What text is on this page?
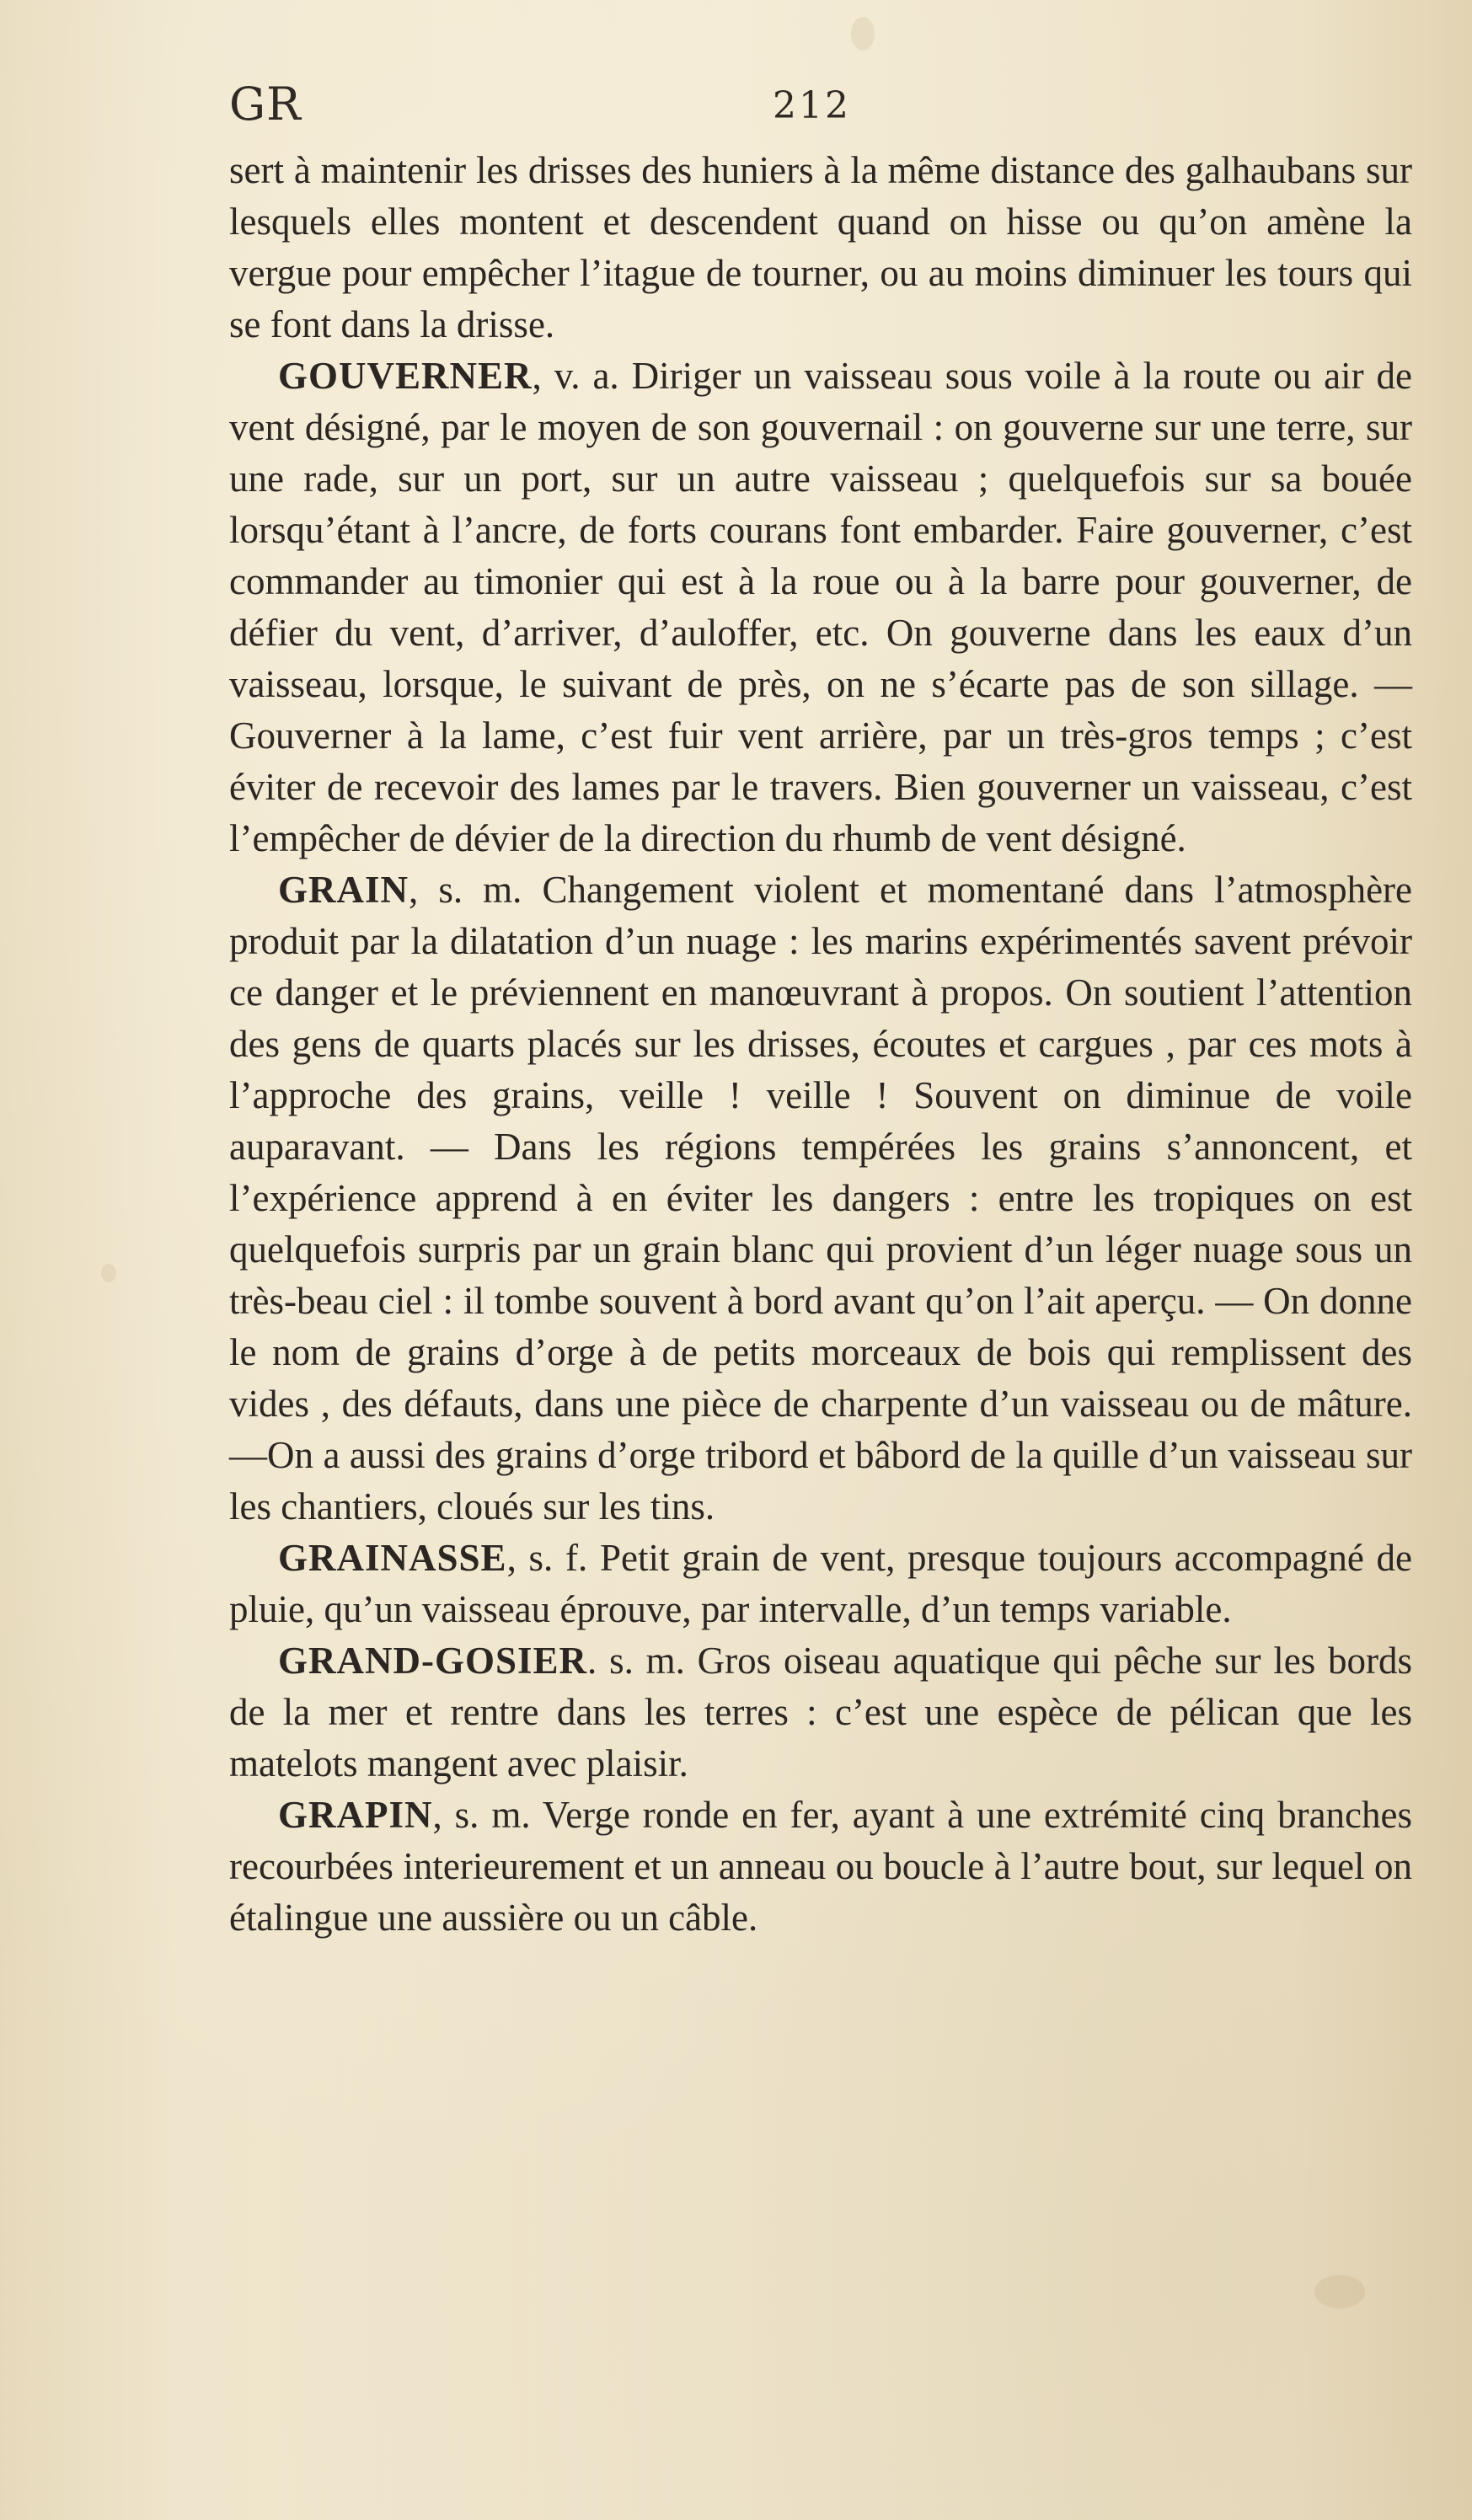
GR	212

sert à maintenir les drisses des huniers à la même distance des galhaubans sur lesquels elles montent et descendent quand on hisse ou qu’on amène la vergue pour empêcher l’itague de tourner, ou au moins diminuer les tours qui se font dans la drisse.

GOUVERNER, v. a. Diriger un vaisseau sous voile à la route ou air de vent désigné, par le moyen de son gouvernail : on gouverne sur une terre, sur une rade, sur un port, sur un autre vaisseau ; quelquefois sur sa bouée lorsqu’étant à l’ancre, de forts courans font embarder. Faire gouverner, c’est commander au timonier qui est à la roue ou à la barre pour gouverner, de défier du vent, d’arriver, d’auloffer, etc. On gouverne dans les eaux d’un vaisseau, lorsque, le suivant de près, on ne s’écarte pas de son sillage. — Gouverner à la lame, c’est fuir vent arrière, par un très-gros temps ; c’est éviter de recevoir des lames par le travers. Bien gouverner un vaisseau, c’est l’empêcher de dévier de la direction du rhumb de vent désigné.

GRAIN, s. m. Changement violent et momentané dans l’atmosphère produit par la dilatation d’un nuage : les marins expérimentés savent prévoir ce danger et le préviennent en manœuvrant à propos. On soutient l’attention des gens de quarts placés sur les drisses, écoutes et cargues , par ces mots à l’approche des grains, veille ! veille ! Souvent on diminue de voile auparavant. — Dans les régions tempérées les grains s’annoncent, et l’expérience apprend à en éviter les dangers : entre les tropiques on est quelquefois surpris par un grain blanc qui provient d’un léger nuage sous un très-beau ciel : il tombe souvent à bord avant qu’on l’ait aperçu. — On donne le nom de grains d’orge à de petits morceaux de bois qui remplissent des vides , des défauts, dans une pièce de charpente d’un vaisseau ou de mâture.—On a aussi des grains d’orge tribord et bâbord de la quille d’un vaisseau sur les chantiers, cloués sur les tins.

GRAINASSE, s. f. Petit grain de vent, presque toujours accompagné de pluie, qu’un vaisseau éprouve, par intervalle, d’un temps variable.

GRAND-GOSIER. s. m. Gros oiseau aquatique qui pêche sur les bords de la mer et rentre dans les terres : c’est une espèce de pélican que les matelots mangent avec plaisir.

GRAPIN, s. m. Verge ronde en fer, ayant à une extrémité cinq branches recourbées interieurement et un anneau ou boucle à l’autre bout, sur lequel on étalingue une aussière ou un câble.
